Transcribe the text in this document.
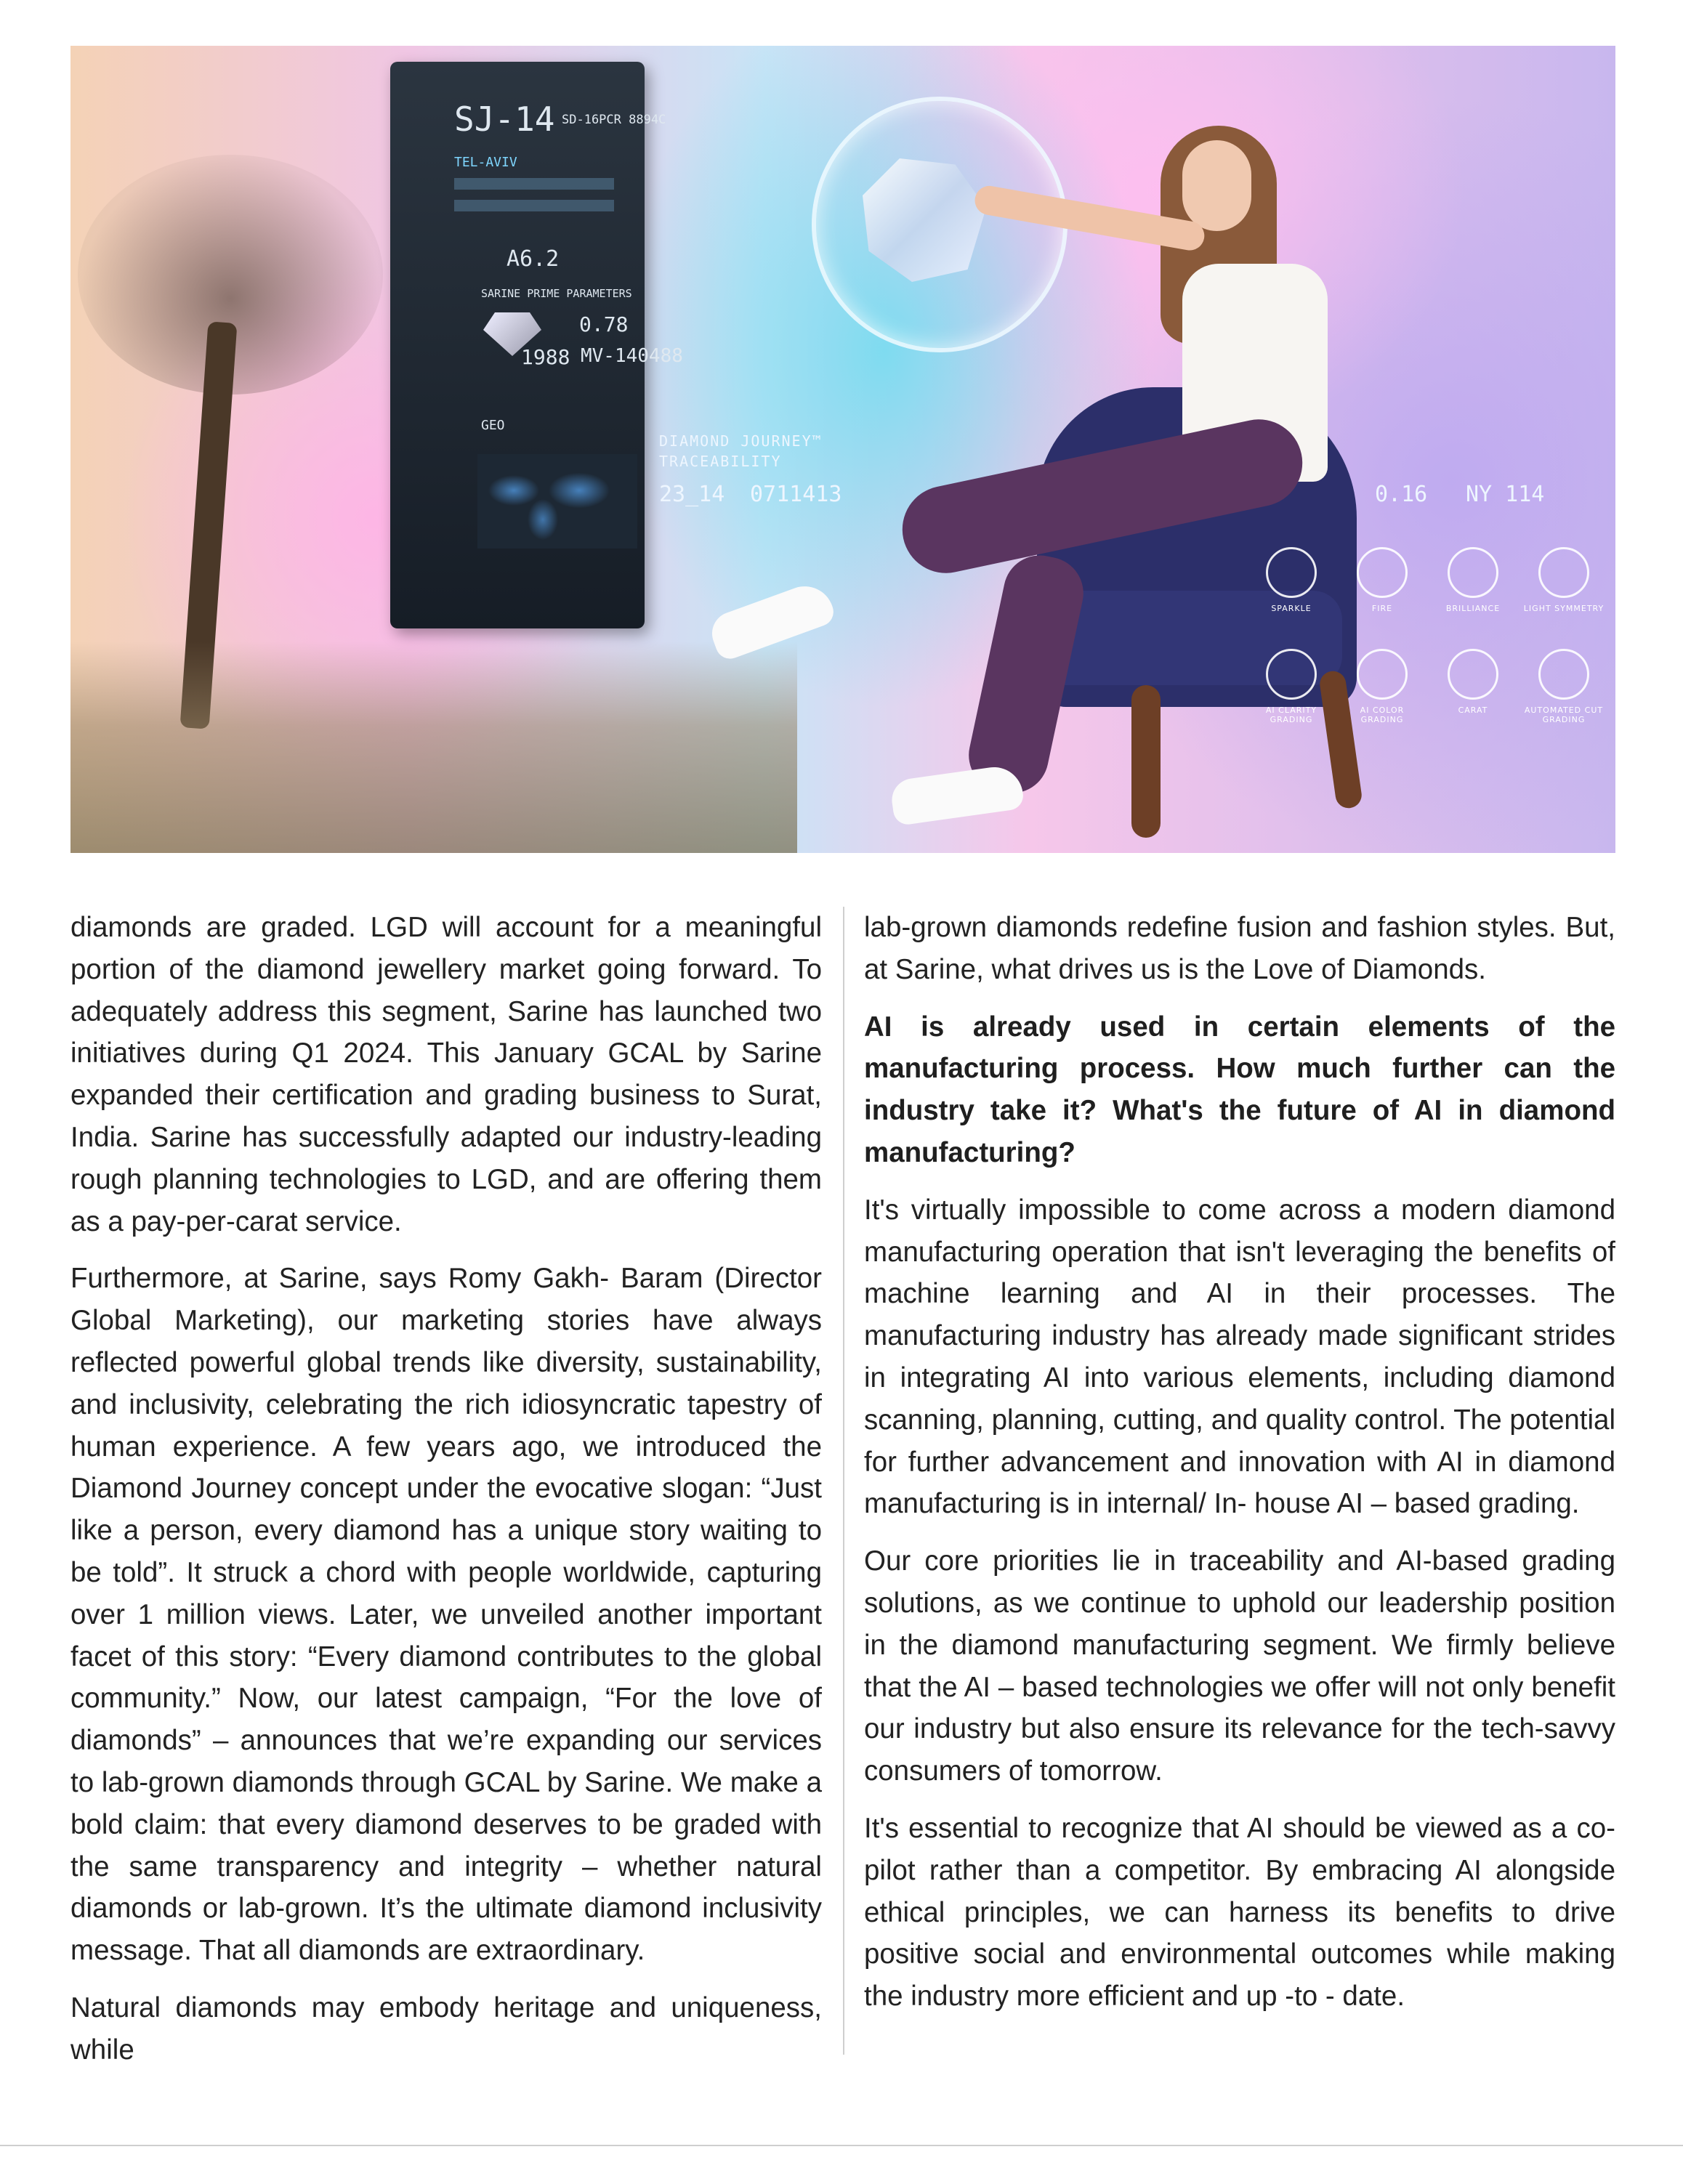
SJ-14 SD-16PCR 8894C
TEL-AVIV
A6.2
SARINE PRIME PARAMETERS
0.78
1988 MV-140488
GEO
DIAMOND JOURNEY™
TRACEABILITY
23_14 0711413	0.16 NY 114
SPARKLE	FIRE	BRILLIANCE	LIGHT SYMMETRY
AI CLARITY GRADING
AI COLOR GRADING
CARAT	AUTOMATED CUT GRADING

diamonds are graded. LGD will account for a meaningful portion of the diamond jewellery market going forward. To adequately address this segment, Sarine has launched two initiatives during Q1 2024. This January GCAL by Sarine expanded their certification and grading business to Surat, India. Sarine has successfully adapted our industry-leading rough planning technologies to LGD, and are offering them as a pay-per-carat service.

Furthermore, at Sarine, says Romy Gakh- Baram (Director Global Marketing), our marketing stories have always reflected powerful global trends like diversity, sustainability, and inclusivity, celebrating the rich idiosyncratic tapestry of human experience. A few years ago, we introduced the Diamond Journey concept under the evocative slogan: “Just like a person, every diamond has a unique story waiting to be told”. It struck a chord with people worldwide, capturing over 1 million views. Later, we unveiled another important facet of this story: “Every diamond contributes to the global community.” Now, our latest campaign, “For the love of diamonds” – announces that we’re expanding our services to lab-grown diamonds through GCAL by Sarine. We make a bold claim: that every diamond deserves to be graded with the same transparency and integrity – whether natural diamonds or lab-grown. It’s the ultimate diamond inclusivity message. That all diamonds are extraordinary.

Natural diamonds may embody heritage and uniqueness, while

lab-grown diamonds redefine fusion and fashion styles. But, at Sarine, what drives us is the Love of Diamonds.

AI is already used in certain elements of the manufacturing process. How much further can the industry take it? What's the future of AI in diamond manufacturing?

It's virtually impossible to come across a modern diamond manufacturing operation that isn't leveraging the benefits of machine learning and AI in their processes. The manufacturing industry has already made significant strides in integrating AI into various elements, including diamond scanning, planning, cutting, and quality control. The potential for further advancement and innovation with AI in diamond manufacturing is in internal/ In- house AI – based grading.

Our core priorities lie in traceability and AI-based grading solutions, as we continue to uphold our leadership position in the diamond manufacturing segment. We firmly believe that the AI – based technologies we offer will not only benefit our industry but also ensure its relevance for the tech-savvy consumers of tomorrow.

It's essential to recognize that AI should be viewed as a co-pilot rather than a competitor. By embracing AI alongside ethical principles, we can harness its benefits to drive positive social and environmental outcomes while making the industry more efficient and up -to - date.
